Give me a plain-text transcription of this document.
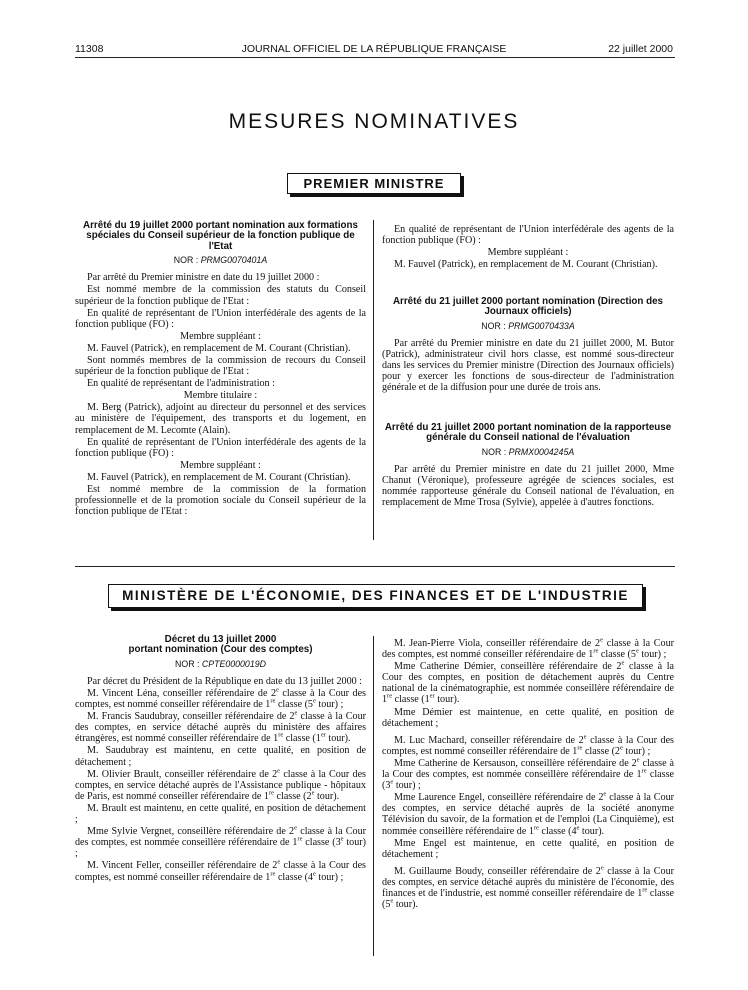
11308	JOURNAL OFFICIEL DE LA RÉPUBLIQUE FRANÇAISE	22 juillet 2000
MESURES NOMINATIVES
PREMIER MINISTRE
Arrêté du 19 juillet 2000 portant nomination aux formations spéciales du Conseil supérieur de la fonction publique de l'Etat
NOR : PRMG0070401A

Par arrêté du Premier ministre en date du 19 juillet 2000 :

Est nommé membre de la commission des statuts du Conseil supérieur de la fonction publique de l'Etat :

En qualité de représentant de l'Union interfédérale des agents de la fonction publique (FO) :

Membre suppléant :

M. Fauvel (Patrick), en remplacement de M. Courant (Christian).

Sont nommés membres de la commission de recours du Conseil supérieur de la fonction publique de l'Etat :

En qualité de représentant de l'administration :

Membre titulaire :

M. Berg (Patrick), adjoint au directeur du personnel et des services au ministère de l'équipement, des transports et du logement, en remplacement de M. Lecomte (Alain).

En qualité de représentant de l'Union interfédérale des agents de la fonction publique (FO) :

Membre suppléant :

M. Fauvel (Patrick), en remplacement de M. Courant (Christian).

Est nommé membre de la commission de la formation professionnelle et de la promotion sociale du Conseil supérieur de la fonction publique de l'Etat :

En qualité de représentant de l'Union interfédérale des agents de la fonction publique (FO) :

Membre suppléant :

M. Fauvel (Patrick), en remplacement de M. Courant (Christian).

Arrêté du 21 juillet 2000 portant nomination (Direction des Journaux officiels)
NOR : PRMG0070433A

Par arrêté du Premier ministre en date du 21 juillet 2000, M. Butor (Patrick), administrateur civil hors classe, est nommé sous-directeur dans les services du Premier ministre (Direction des Journaux officiels) pour y exercer les fonctions de sous-directeur de l'administration générale et de la diffusion pour une durée de trois ans.

Arrêté du 21 juillet 2000 portant nomination de la rapporteuse générale du Conseil national de l'évaluation
NOR : PRMX0004245A

Par arrêté du Premier ministre en date du 21 juillet 2000, Mme Chanut (Véronique), professeure agrégée de sciences sociales, est nommée rapporteuse générale du Conseil national de l'évaluation, en remplacement de Mme Trosa (Sylvie), appelée à d'autres fonctions.

MINISTÈRE DE L'ÉCONOMIE, DES FINANCES ET DE L'INDUSTRIE
Décret du 13 juillet 2000
portant nomination (Cour des comptes)
NOR : CPTE0000019D

Par décret du Président de la République en date du 13 juillet 2000 :

M. Vincent Léna, conseiller référendaire de 2e classe à la Cour des comptes, est nommé conseiller référendaire de 1re classe (5e tour) ;

M. Francis Saudubray, conseiller référendaire de 2e classe à la Cour des comptes, en service détaché auprès du ministère des affaires étrangères, est nommé conseiller référendaire de 1re classe (1er tour).

M. Saudubray est maintenu, en cette qualité, en position de détachement ;

M. Olivier Brault, conseiller référendaire de 2e classe à la Cour des comptes, en service détaché auprès de l'Assistance publique - hôpitaux de Paris, est nommé conseiller référendaire de 1re classe (2e tour).

M. Brault est maintenu, en cette qualité, en position de détachement ;

Mme Sylvie Vergnet, conseillère référendaire de 2e classe à la Cour des comptes, est nommée conseillère référendaire de 1re classe (3e tour) ;

M. Vincent Feller, conseiller référendaire de 2e classe à la Cour des comptes, est nommé conseiller référendaire de 1re classe (4e tour) ;

M. Jean-Pierre Viola, conseiller référendaire de 2e classe à la Cour des comptes, est nommé conseiller référendaire de 1re classe (5e tour) ;

Mme Catherine Démier, conseillère référendaire de 2e classe à la Cour des comptes, en position de détachement auprès du Centre national de la cinématographie, est nommée conseillère référendaire de 1re classe (1er tour).

Mme Démier est maintenue, en cette qualité, en position de détachement ;

M. Luc Machard, conseiller référendaire de 2e classe à la Cour des comptes, est nommé conseiller référendaire de 1re classe (2e tour) ;

Mme Catherine de Kersauson, conseillère référendaire de 2e classe à la Cour des comptes, est nommée conseillère référendaire de 1re classe (3e tour) ;

Mme Laurence Engel, conseillère référendaire de 2e classe à la Cour des comptes, en service détaché auprès de la société anonyme Télévision du savoir, de la formation et de l'emploi (La Cinquième), est nommée conseillère référendaire de 1re classe (4e tour).

Mme Engel est maintenue, en cette qualité, en position de détachement ;

M. Guillaume Boudy, conseiller référendaire de 2e classe à la Cour des comptes, en service détaché auprès du ministère de l'économie, des finances et de l'industrie, est nommé conseiller référendaire de 1re classe (5e tour).
